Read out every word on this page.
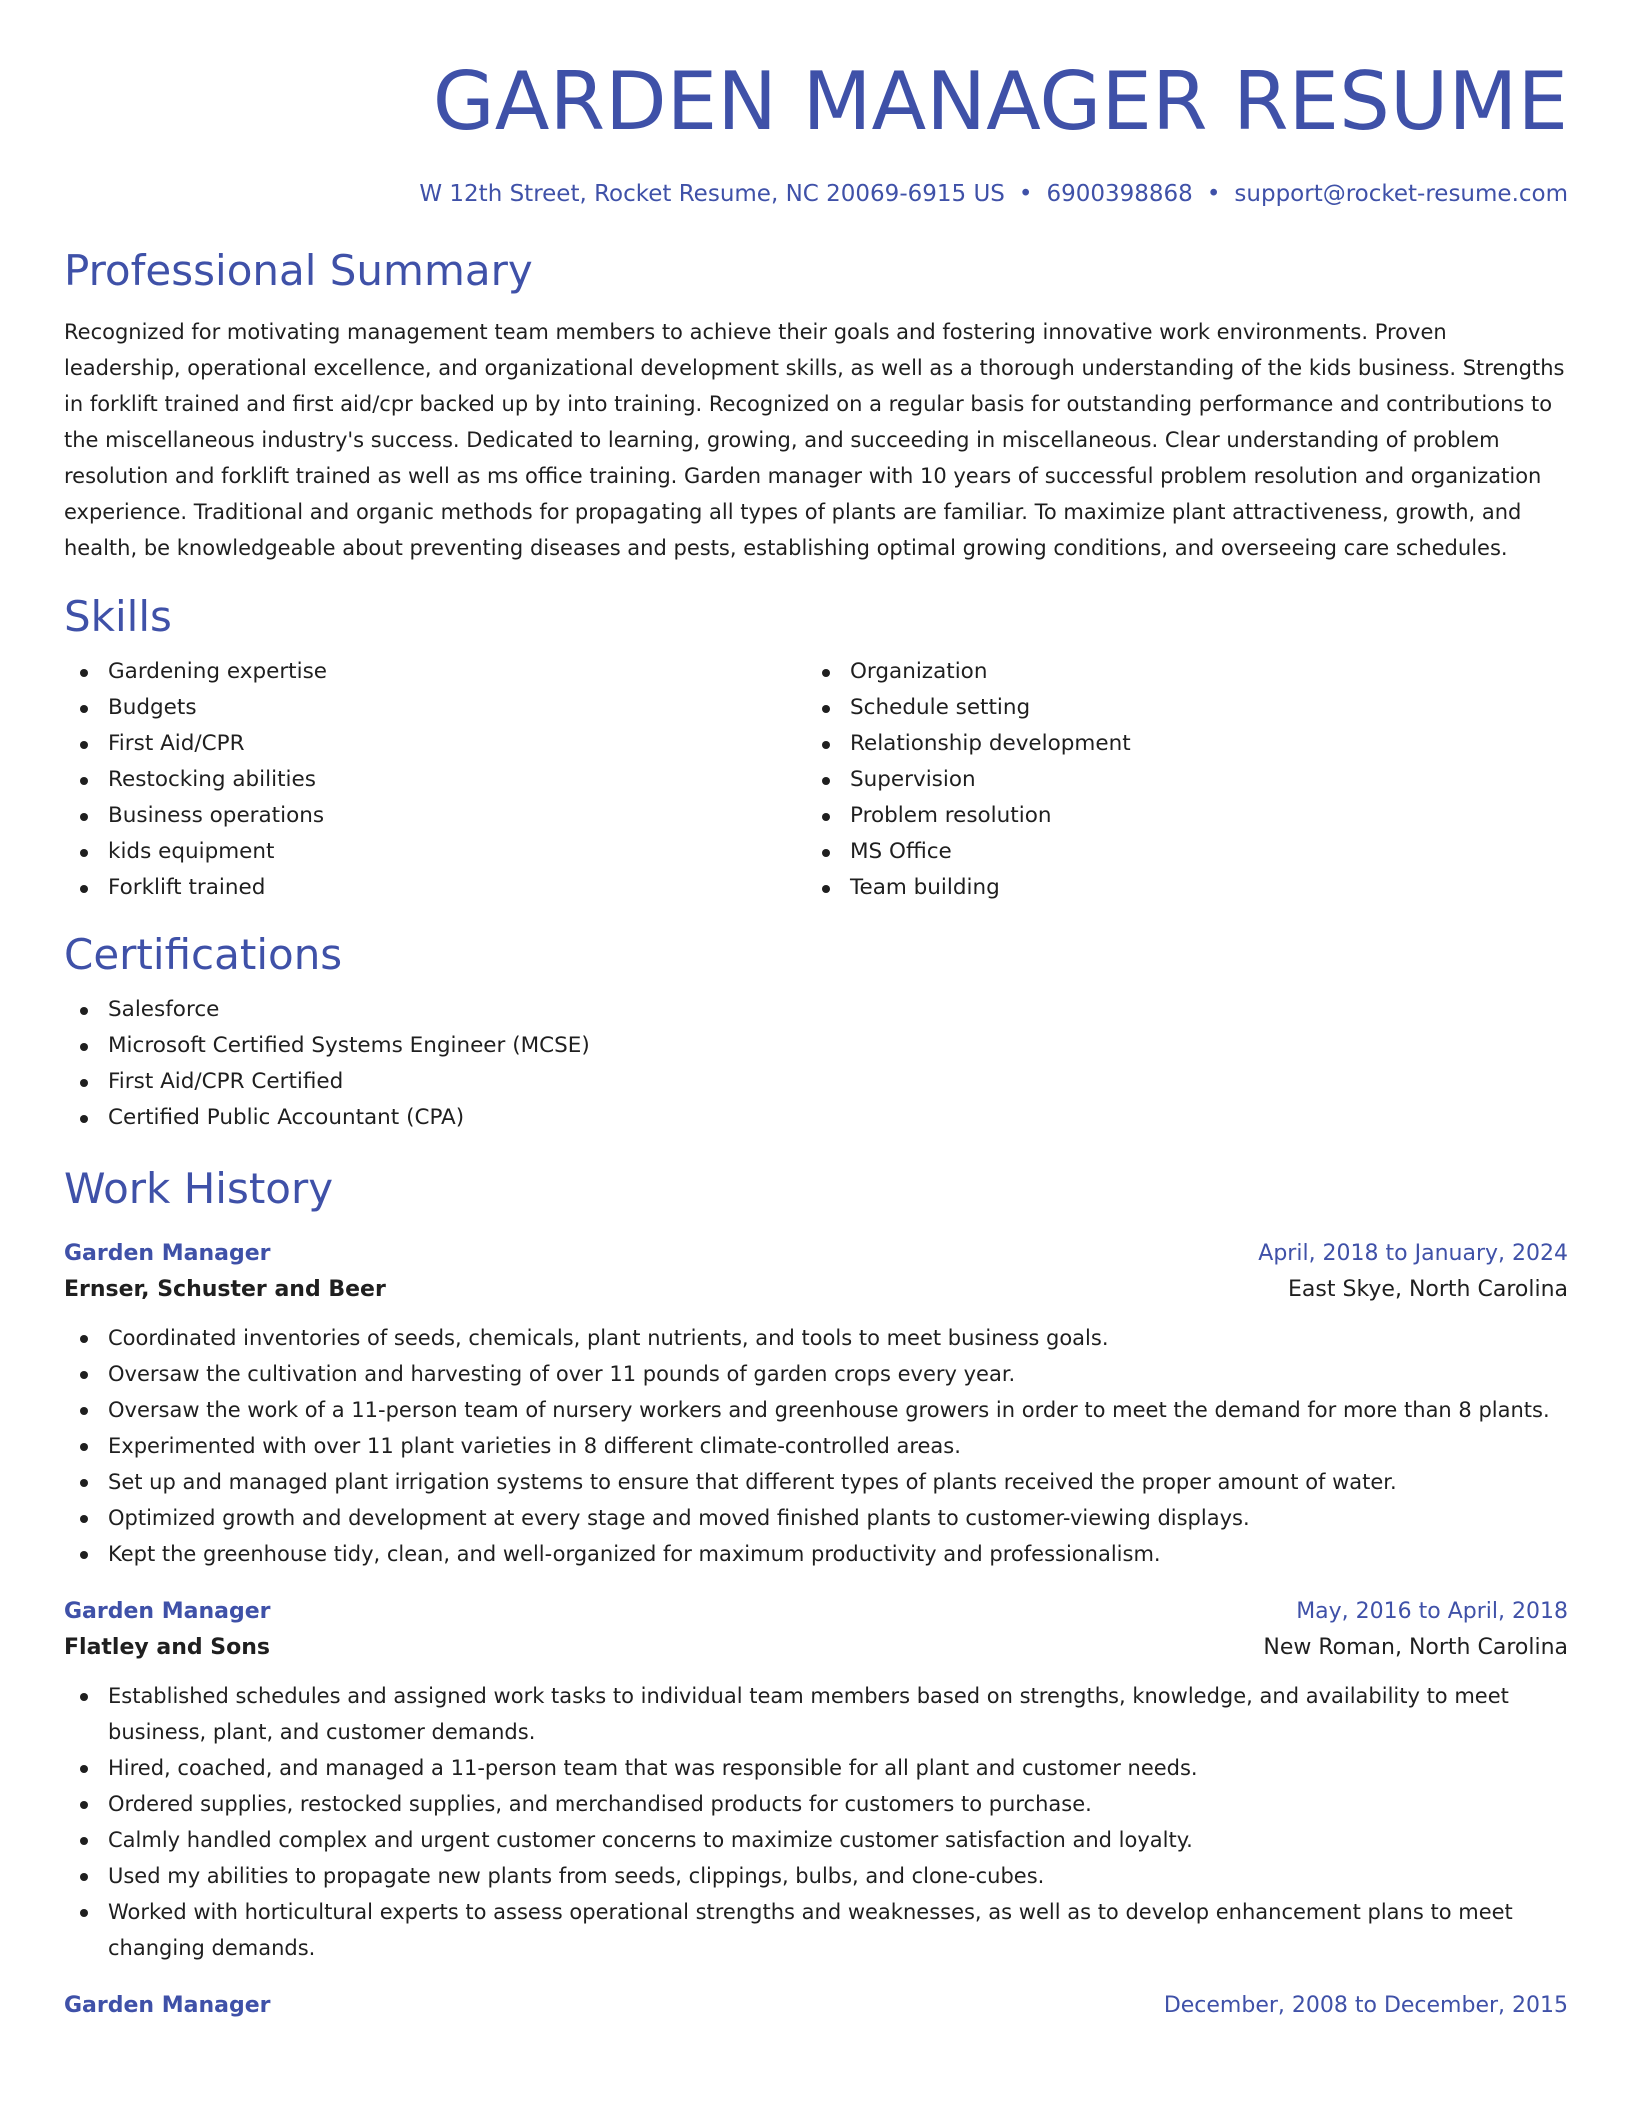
GARDEN MANAGER RESUME
W 12th Street, Rocket Resume, NC 20069-6915 US • 6900398868 • support@rocket-resume.com
Professional Summary

Recognized for motivating management team members to achieve their goals and fostering innovative work environments. Proven leadership, operational excellence, and organizational development skills, as well as a thorough understanding of the kids business. Strengths in forklift trained and first aid/cpr backed up by into training. Recognized on a regular basis for outstanding performance and contributions to the miscellaneous industry's success. Dedicated to learning, growing, and succeeding in miscellaneous. Clear understanding of problem resolution and forklift trained as well as ms office training. Garden manager with 10 years of successful problem resolution and organization experience. Traditional and organic methods for propagating all types of plants are familiar. To maximize plant attractiveness, growth, and health, be knowledgeable about preventing diseases and pests, establishing optimal growing conditions, and overseeing care schedules.

Skills
Gardening expertise
Budgets
First Aid/CPR
Restocking abilities
Business operations
kids equipment
Forklift trained
Organization
Schedule setting
Relationship development
Supervision
Problem resolution
MS Office
Team building
Certifications
Salesforce
Microsoft Certified Systems Engineer (MCSE)
First Aid/CPR Certified
Certified Public Accountant (CPA)
Work History
Garden Manager	April, 2018 to January, 2024
Ernser, Schuster and Beer	East Skye, North Carolina
Coordinated inventories of seeds, chemicals, plant nutrients, and tools to meet business goals.
Oversaw the cultivation and harvesting of over 11 pounds of garden crops every year.
Oversaw the work of a 11-person team of nursery workers and greenhouse growers in order to meet the demand for more than 8 plants.
Experimented with over 11 plant varieties in 8 different climate-controlled areas.
Set up and managed plant irrigation systems to ensure that different types of plants received the proper amount of water.
Optimized growth and development at every stage and moved finished plants to customer-viewing displays.
Kept the greenhouse tidy, clean, and well-organized for maximum productivity and professionalism.
Garden Manager	May, 2016 to April, 2018
Flatley and Sons	New Roman, North Carolina
Established schedules and assigned work tasks to individual team members based on strengths, knowledge, and availability to meet business, plant, and customer demands.
Hired, coached, and managed a 11-person team that was responsible for all plant and customer needs.
Ordered supplies, restocked supplies, and merchandised products for customers to purchase.
Calmly handled complex and urgent customer concerns to maximize customer satisfaction and loyalty.
Used my abilities to propagate new plants from seeds, clippings, bulbs, and clone-cubes.
Worked with horticultural experts to assess operational strengths and weaknesses, as well as to develop enhancement plans to meet changing demands.
Garden Manager	December, 2008 to December, 2015
